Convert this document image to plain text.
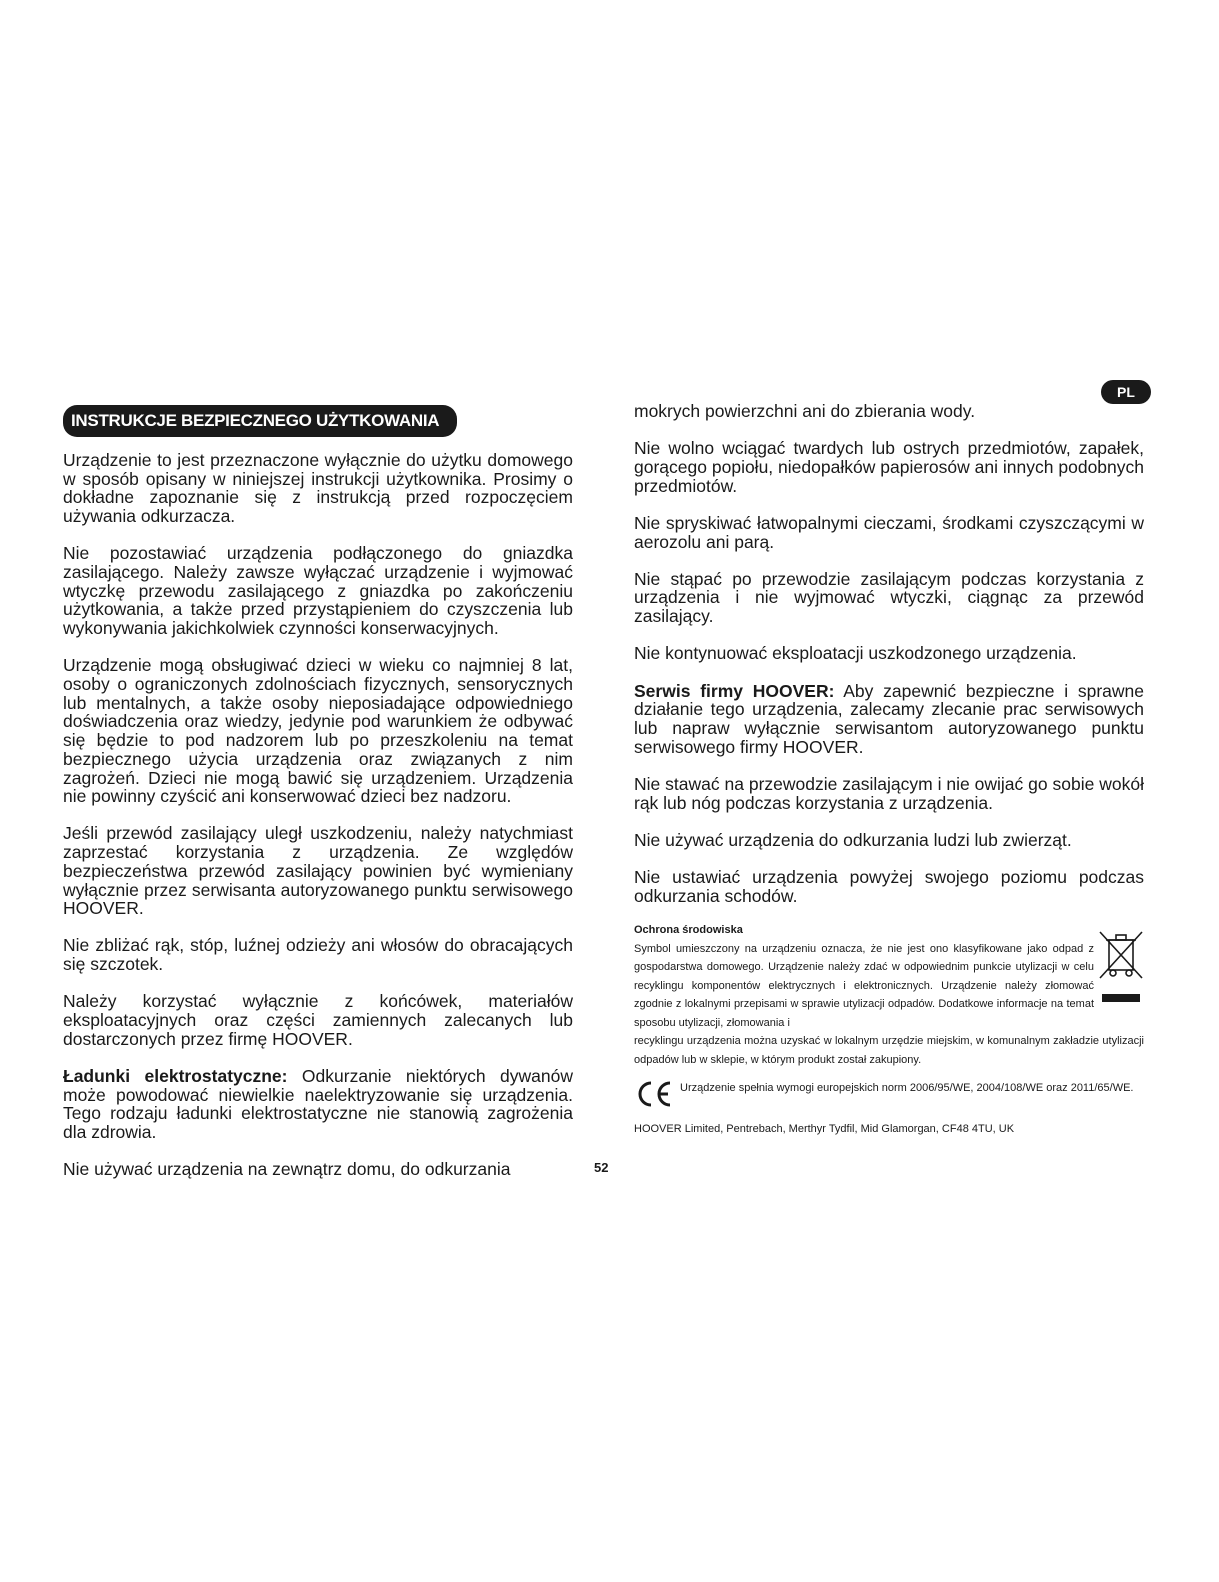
PL
INSTRUKCJE BEZPIECZNEGO UŻYTKOWANIA

Urządzenie to jest przeznaczone wyłącznie do użytku domowego w sposób opisany w niniejszej instrukcji użytkownika. Prosimy o dokładne zapoznanie się z instrukcją przed rozpoczęciem używania odkurzacza.

Nie pozostawiać urządzenia podłączonego do gniazdka zasilającego. Należy zawsze wyłączać urządzenie i wyjmować wtyczkę przewodu zasilającego z gniazdka po zakończeniu użytkowania, a także przed przystąpieniem do czyszczenia lub wykonywania jakichkolwiek czynności konserwacyjnych.

Urządzenie mogą obsługiwać dzieci w wieku co najmniej 8 lat, osoby o ograniczonych zdolnościach fizycznych, sensorycznych lub mentalnych, a także osoby nieposiadające odpowiedniego doświadczenia oraz wiedzy, jedynie pod warunkiem że odbywać się będzie to pod nadzorem lub po przeszkoleniu na temat bezpiecznego użycia urządzenia oraz związanych z nim zagrożeń. Dzieci nie mogą bawić się urządzeniem. Urządzenia nie powinny czyścić ani konserwować dzieci bez nadzoru.

Jeśli przewód zasilający uległ uszkodzeniu, należy natychmiast zaprzestać korzystania z urządzenia. Ze względów bezpieczeństwa przewód zasilający powinien być wymieniany wyłącznie przez serwisanta autoryzowanego punktu serwisowego HOOVER.

Nie zbliżać rąk, stóp, luźnej odzieży ani włosów do obracających się szczotek.

Należy korzystać wyłącznie z końcówek, materiałów eksploatacyjnych oraz części zamiennych zalecanych lub dostarczonych przez firmę HOOVER.

Ładunki elektrostatyczne: Odkurzanie niektórych dywanów może powodować niewielkie naelektryzowanie się urządzenia. Tego rodzaju ładunki elektrostatyczne nie stanowią zagrożenia dla zdrowia.

Nie używać urządzenia na zewnątrz domu, do odkurzania

mokrych powierzchni ani do zbierania wody.

Nie wolno wciągać twardych lub ostrych przedmiotów, zapałek, gorącego popiołu, niedopałków papierosów ani innych podobnych przedmiotów.

Nie spryskiwać łatwopalnymi cieczami, środkami czyszczącymi w aerozolu ani parą.

Nie stąpać po przewodzie zasilającym podczas korzystania z urządzenia i nie wyjmować wtyczki, ciągnąc za przewód zasilający.

Nie kontynuować eksploatacji uszkodzonego urządzenia.

Serwis firmy HOOVER: Aby zapewnić bezpieczne i sprawne działanie tego urządzenia, zalecamy zlecanie prac serwisowych lub napraw wyłącznie serwisantom autoryzowanego punktu serwisowego firmy HOOVER.

Nie stawać na przewodzie zasilającym i nie owijać go sobie wokół rąk lub nóg podczas korzystania z urządzenia.

Nie używać urządzenia do odkurzania ludzi lub zwierząt.

Nie ustawiać urządzenia powyżej swojego poziomu podczas odkurzania schodów.

Ochrona środowiska

Symbol umieszczony na urządzeniu oznacza, że nie jest ono klasyfikowane jako odpad z gospodarstwa domowego. Urządzenie należy zdać w odpowiednim punkcie utylizacji w celu recyklingu komponentów elektrycznych i elektronicznych. Urządzenie należy złomować zgodnie z lokalnymi przepisami w sprawie utylizacji odpadów. Dodatkowe informacje na temat sposobu utylizacji, złomowania i
recyklingu urządzenia można uzyskać w lokalnym urzędzie miejskim, w komunalnym zakładzie utylizacji odpadów lub w sklepie, w którym produkt został zakupiony.

Urządzenie spełnia wymogi europejskich norm 2006/95/WE, 2004/108/WE oraz 2011/65/WE.

HOOVER Limited, Pentrebach, Merthyr Tydfil, Mid Glamorgan, CF48 4TU, UK
52
